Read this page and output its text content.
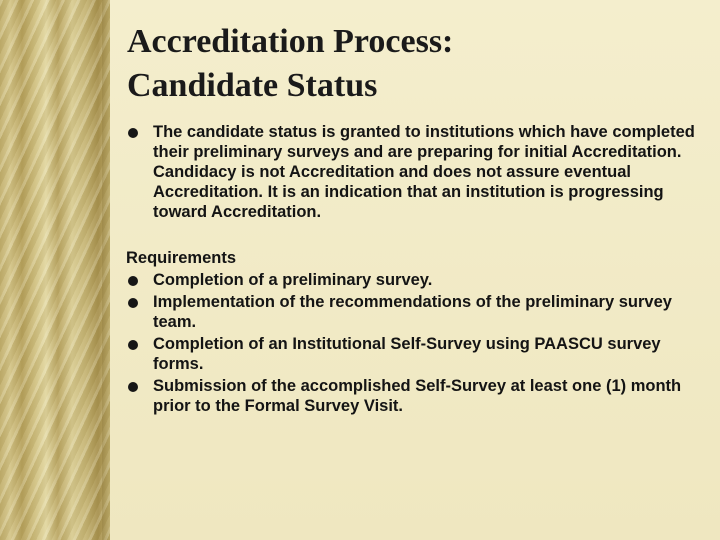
Accreditation Process:
Candidate Status
The candidate status is granted to institutions which have completed their preliminary surveys and are preparing for initial Accreditation. Candidacy is not Accreditation and does not assure eventual Accreditation. It is an indication that an institution is progressing toward Accreditation.
Requirements
Completion of a preliminary survey.
Implementation of the recommendations of the preliminary survey team.
Completion of an Institutional Self-Survey using PAASCU survey forms.
Submission of the accomplished Self-Survey at least one (1) month prior to the Formal Survey Visit.
